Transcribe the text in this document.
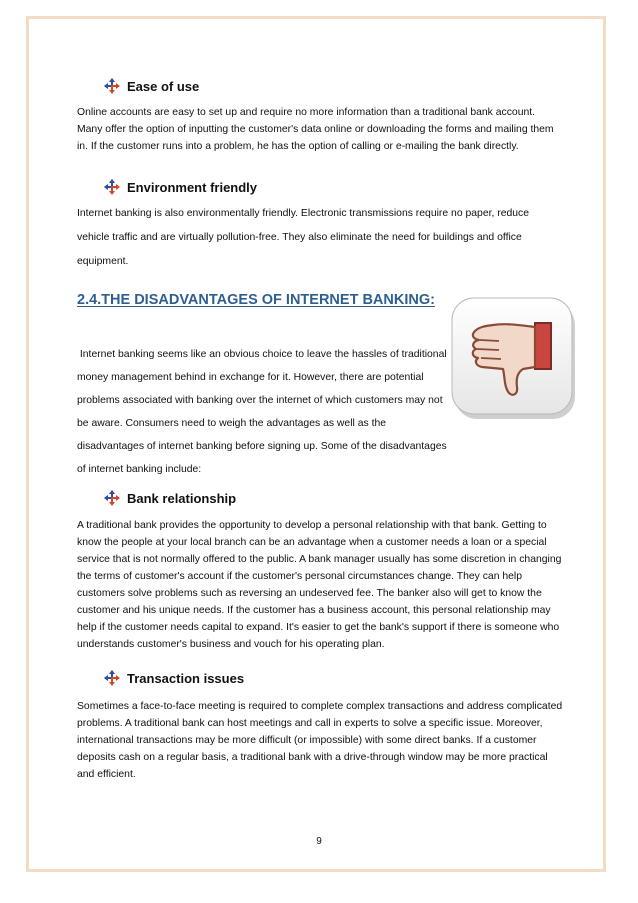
Ease of use

Online accounts are easy to set up and require no more information than a traditional bank account. Many offer the option of inputting the customer's data online or downloading the forms and mailing them in. If the customer runs into a problem, he has the option of calling or e-mailing the bank directly.

Environment friendly

Internet banking is also environmentally friendly. Electronic transmissions require no paper, reduce vehicle traffic and are virtually pollution-free. They also eliminate the need for buildings and office equipment.

2.4.THE DISADVANTAGES OF INTERNET BANKING:

Internet banking seems like an obvious choice to leave the hassles of traditional money management behind in exchange for it. However, there are potential problems associated with banking over the internet of which customers may not be aware. Consumers need to weigh the advantages as well as the disadvantages of internet banking before signing up. Some of the disadvantages of internet banking include:

Bank relationship

A traditional bank provides the opportunity to develop a personal relationship with that bank. Getting to know the people at your local branch can be an advantage when a customer needs a loan or a special service that is not normally offered to the public. A bank manager usually has some discretion in changing the terms of customer's account if the customer's personal circumstances change. They can help customers solve problems such as reversing an undeserved fee. The banker also will get to know the customer and his unique needs. If the customer has a business account, this personal relationship may help if the customer needs capital to expand. It's easier to get the bank's support if there is someone who understands customer's business and vouch for his operating plan.

Transaction issues

Sometimes a face-to-face meeting is required to complete complex transactions and address complicated problems. A traditional bank can host meetings and call in experts to solve a specific issue. Moreover, international transactions may be more difficult (or impossible) with some direct banks. If a customer deposits cash on a regular basis, a traditional bank with a drive-through window may be more practical and efficient.

9
